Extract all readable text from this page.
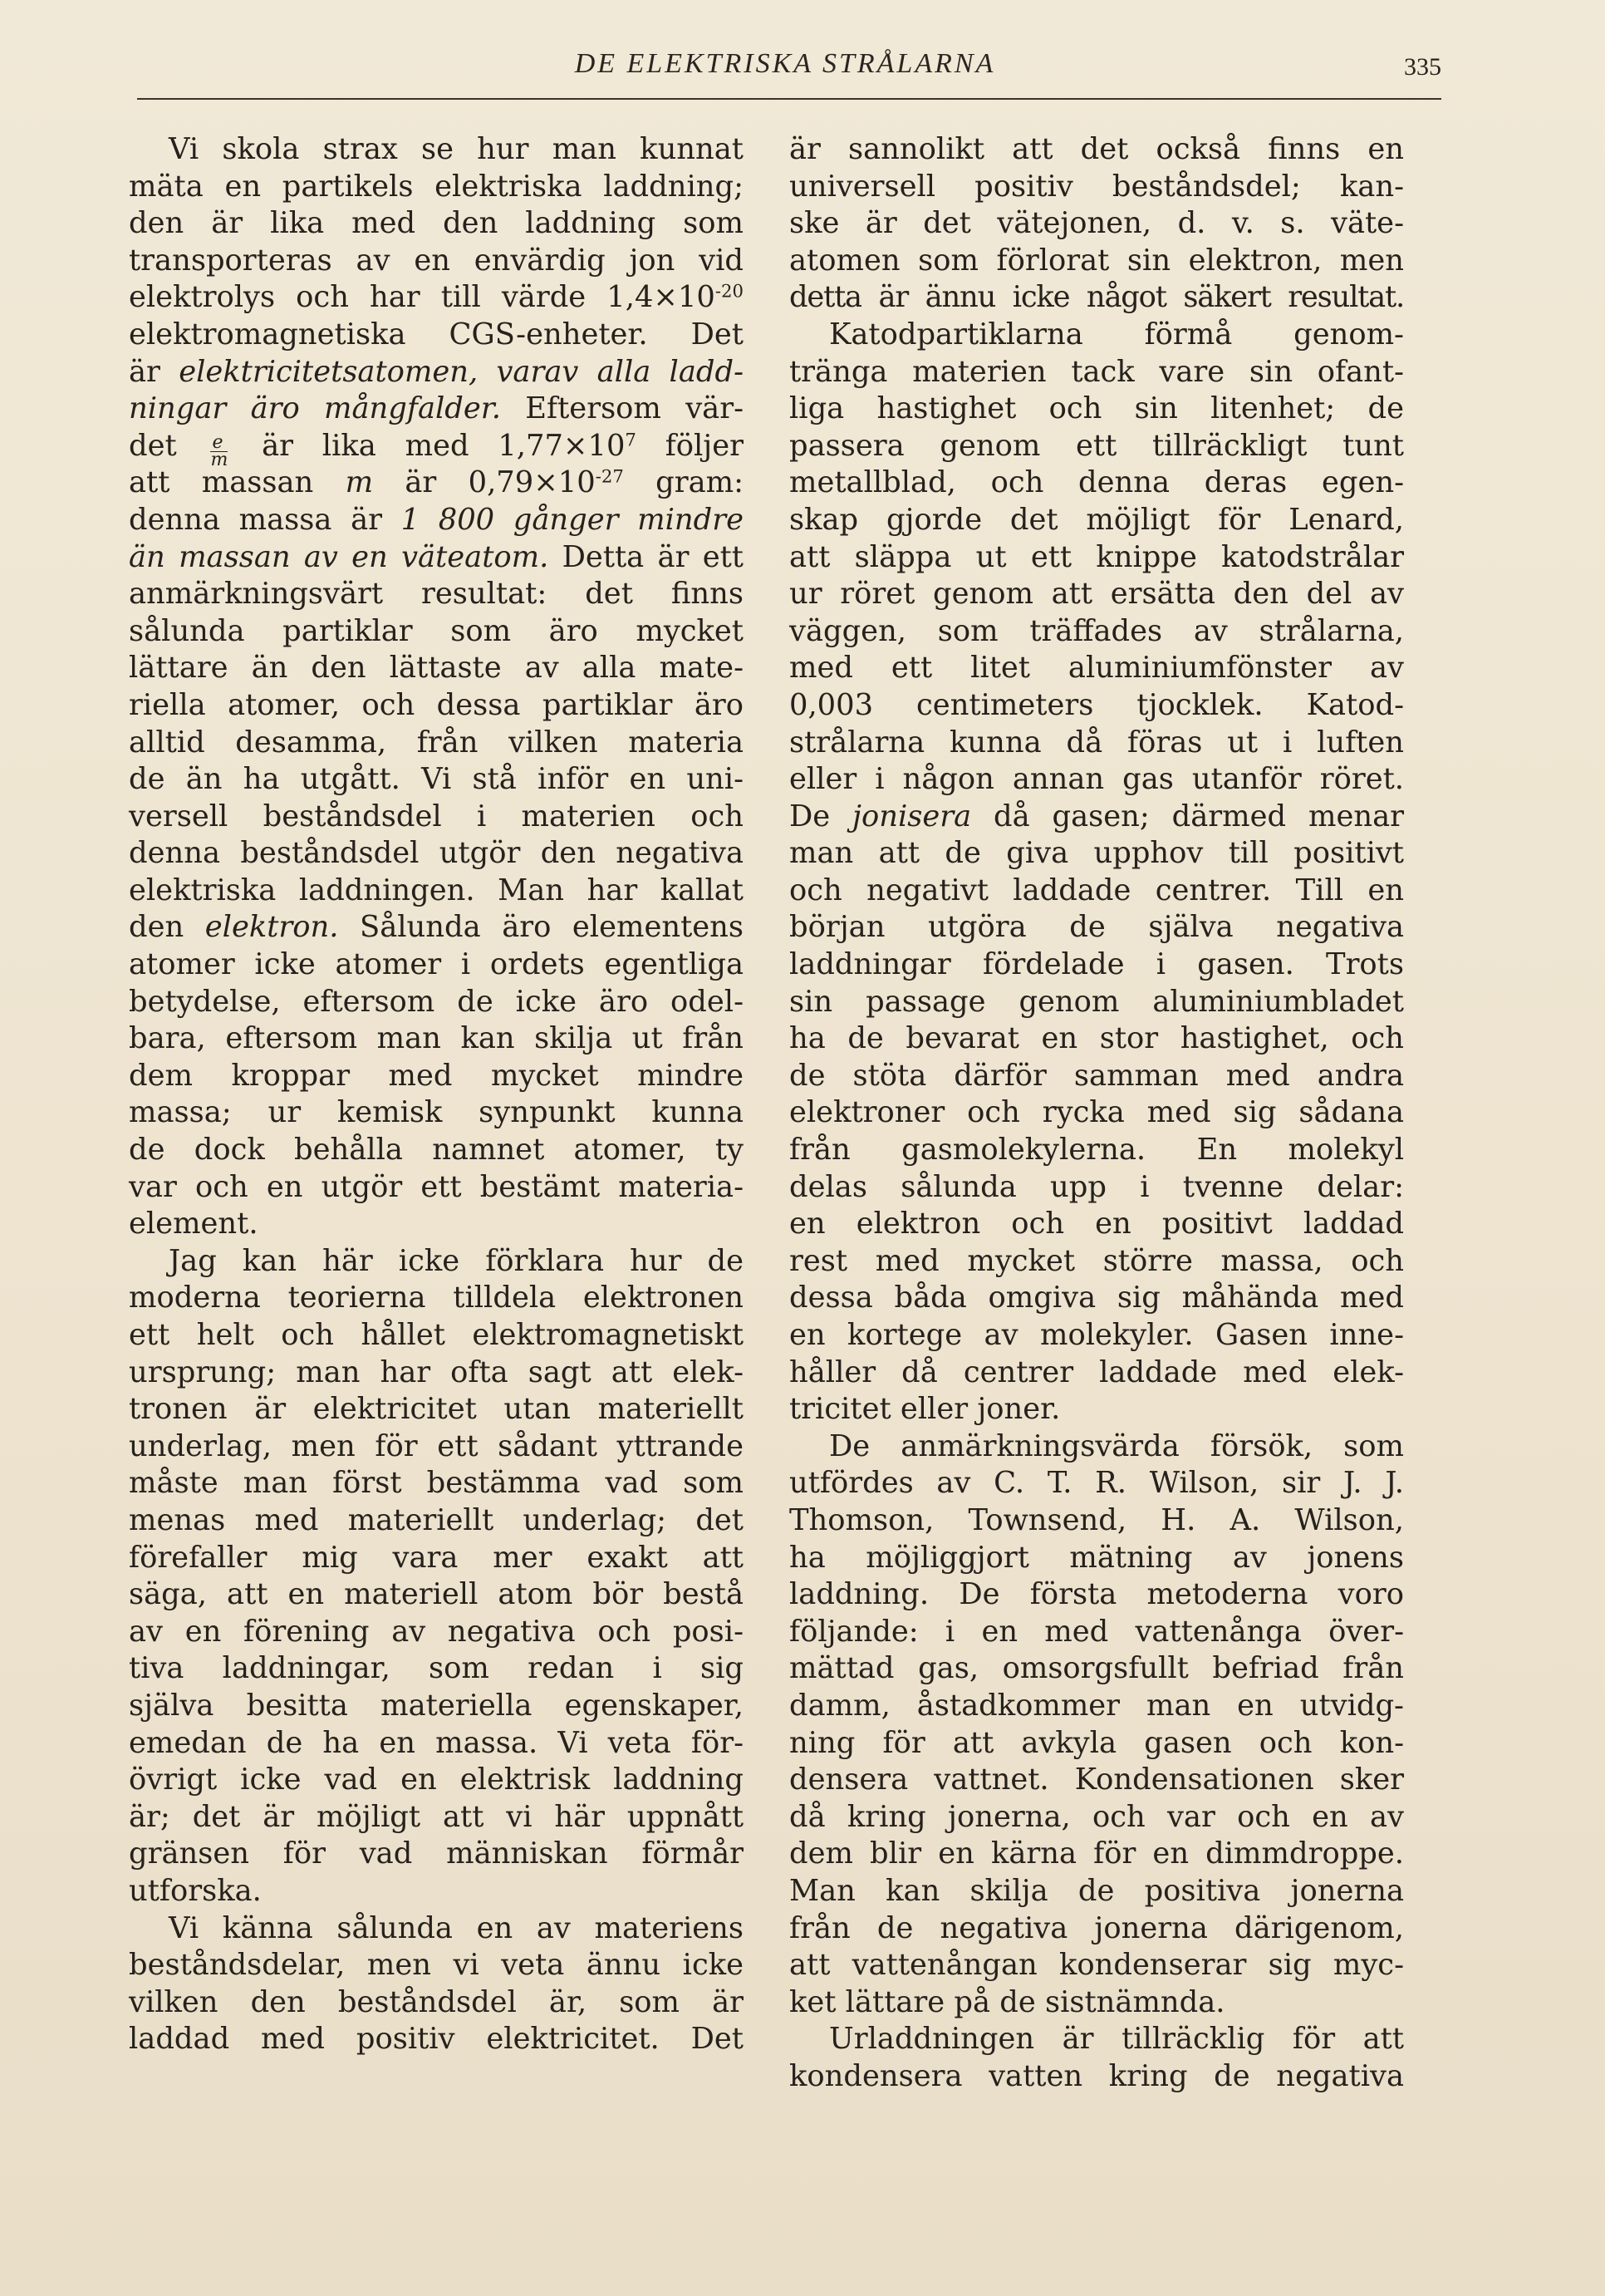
DE ELEKTRISKA STRÅLARNA	335
Vi skola strax se hur man kunnat
mäta en partikels elektriska laddning;
den är lika med den laddning som
transporteras av en envärdig jon vid
elektrolys och har till värde $1,4\times 10^{-20}$
elektromagnetiska CGS-enheter. Det
är elektricitetsatomen, varav alla ladd-
ningar äro mångfalder. Eftersom vär-
$\det \frac{e}{m}$ är lika med $1,77\times 10^7$ följer
att massan m är $0,79\times 10^{-27}$ gram:
denna massa är 1 800 gånger mindre
än massan av en väteatom. Detta är ett
anmärkningsvärt resultat: det finns
sålunda partiklar som äro mycket
lättare än den lättaste av alla mate-
riella atomer, och dessa partiklar äro
alltid desamma, från vilken materia
de än ha utgått. Vi stå inför en uni-
versell beståndsdel i materien och
denna beståndsdel utgör den negativa
elektriska laddningen. Man har kallat
den elektron. Sålunda äro elementens
atomer icke atomer i ordets egentliga
betydelse, eftersom de icke äro odel-
bara, eftersom man kan skilja ut från
dem kroppar med mycket mindre
massa; ur kemisk synpunkt kunna
de dock behålla namnet atomer, ty
var och en utgör ett bestämt materia-
element.
Jag kan här icke förklara hur de
moderna teorierna tilldela elektronen
ett helt och hållet elektromagnetiskt
ursprung; man har ofta sagt att elek-
tronen är elektricitet utan materiellt
underlag, men för ett sådant yttrande
måste man först bestämma vad som
menas med materiellt underlag; det
förefaller mig vara mer exakt att
säga, att en materiell atom bör bestå
av en förening av negativa och posi-
tiva laddningar, som redan i sig
själva besitta materiella egenskaper,
emedan de ha en massa. Vi veta för-
övrigt icke vad en elektrisk laddning
är; det är möjligt att vi här uppnått
gränsen för vad människan förmår
utforska.
Vi känna sålunda en av materiens
beståndsdelar, men vi veta ännu icke
vilken den beståndsdel är, som är
laddad med positiv elektricitet. Det
är sannolikt att det också finns en
universell positiv beståndsdel; kan-
ske är det vätejonen, d. v. s. väte-
atomen som förlorat sin elektron, men
detta är ännu icke något säkert resultat.
Katodpartiklarna förmå genom-
tränga materien tack vare sin ofant-
liga hastighet och sin litenhet; de
passera genom ett tillräckligt tunt
metallblad, och denna deras egen-
skap gjorde det möjligt för Lenard,
att släppa ut ett knippe katodstrålar
ur röret genom att ersätta den del av
väggen, som träffades av strålarna,
med ett litet aluminiumfönster av
0,003 centimeters tjocklek. Katod-
strålarna kunna då föras ut i luften
eller i någon annan gas utanför röret.
De jonisera då gasen; därmed menar
man att de giva upphov till positivt
och negativt laddade centrer. Till en
början utgöra de själva negativa
laddningar fördelade i gasen. Trots
sin passage genom aluminiumbladet
ha de bevarat en stor hastighet, och
de stöta därför samman med andra
elektroner och rycka med sig sådana
från gasmolekylerna. En molekyl
delas sålunda upp i tvenne delar:
en elektron och en positivt laddad
rest med mycket större massa, och
dessa båda omgiva sig måhända med
en kortege av molekyler. Gasen inne-
håller då centrer laddade med elek-
tricitet eller joner.
De anmärkningsvärda försök, som
utfördes av C. T. R. Wilson, sir J. J.
Thomson, Townsend, H. A. Wilson,
ha möjliggjort mätning av jonens
laddning. De första metoderna voro
följande: i en med vattenånga över-
mättad gas, omsorgsfullt befriad från
damm, åstadkommer man en utvidg-
ning för att avkyla gasen och kon-
densera vattnet. Kondensationen sker
då kring jonerna, och var och en av
dem blir en kärna för en dimmdroppe.
Man kan skilja de positiva jonerna
från de negativa jonerna därigenom,
att vattenångan kondenserar sig myc-
ket lättare på de sistnämnda.
Urladdningen är tillräcklig för att
kondensera vatten kring de negativa
